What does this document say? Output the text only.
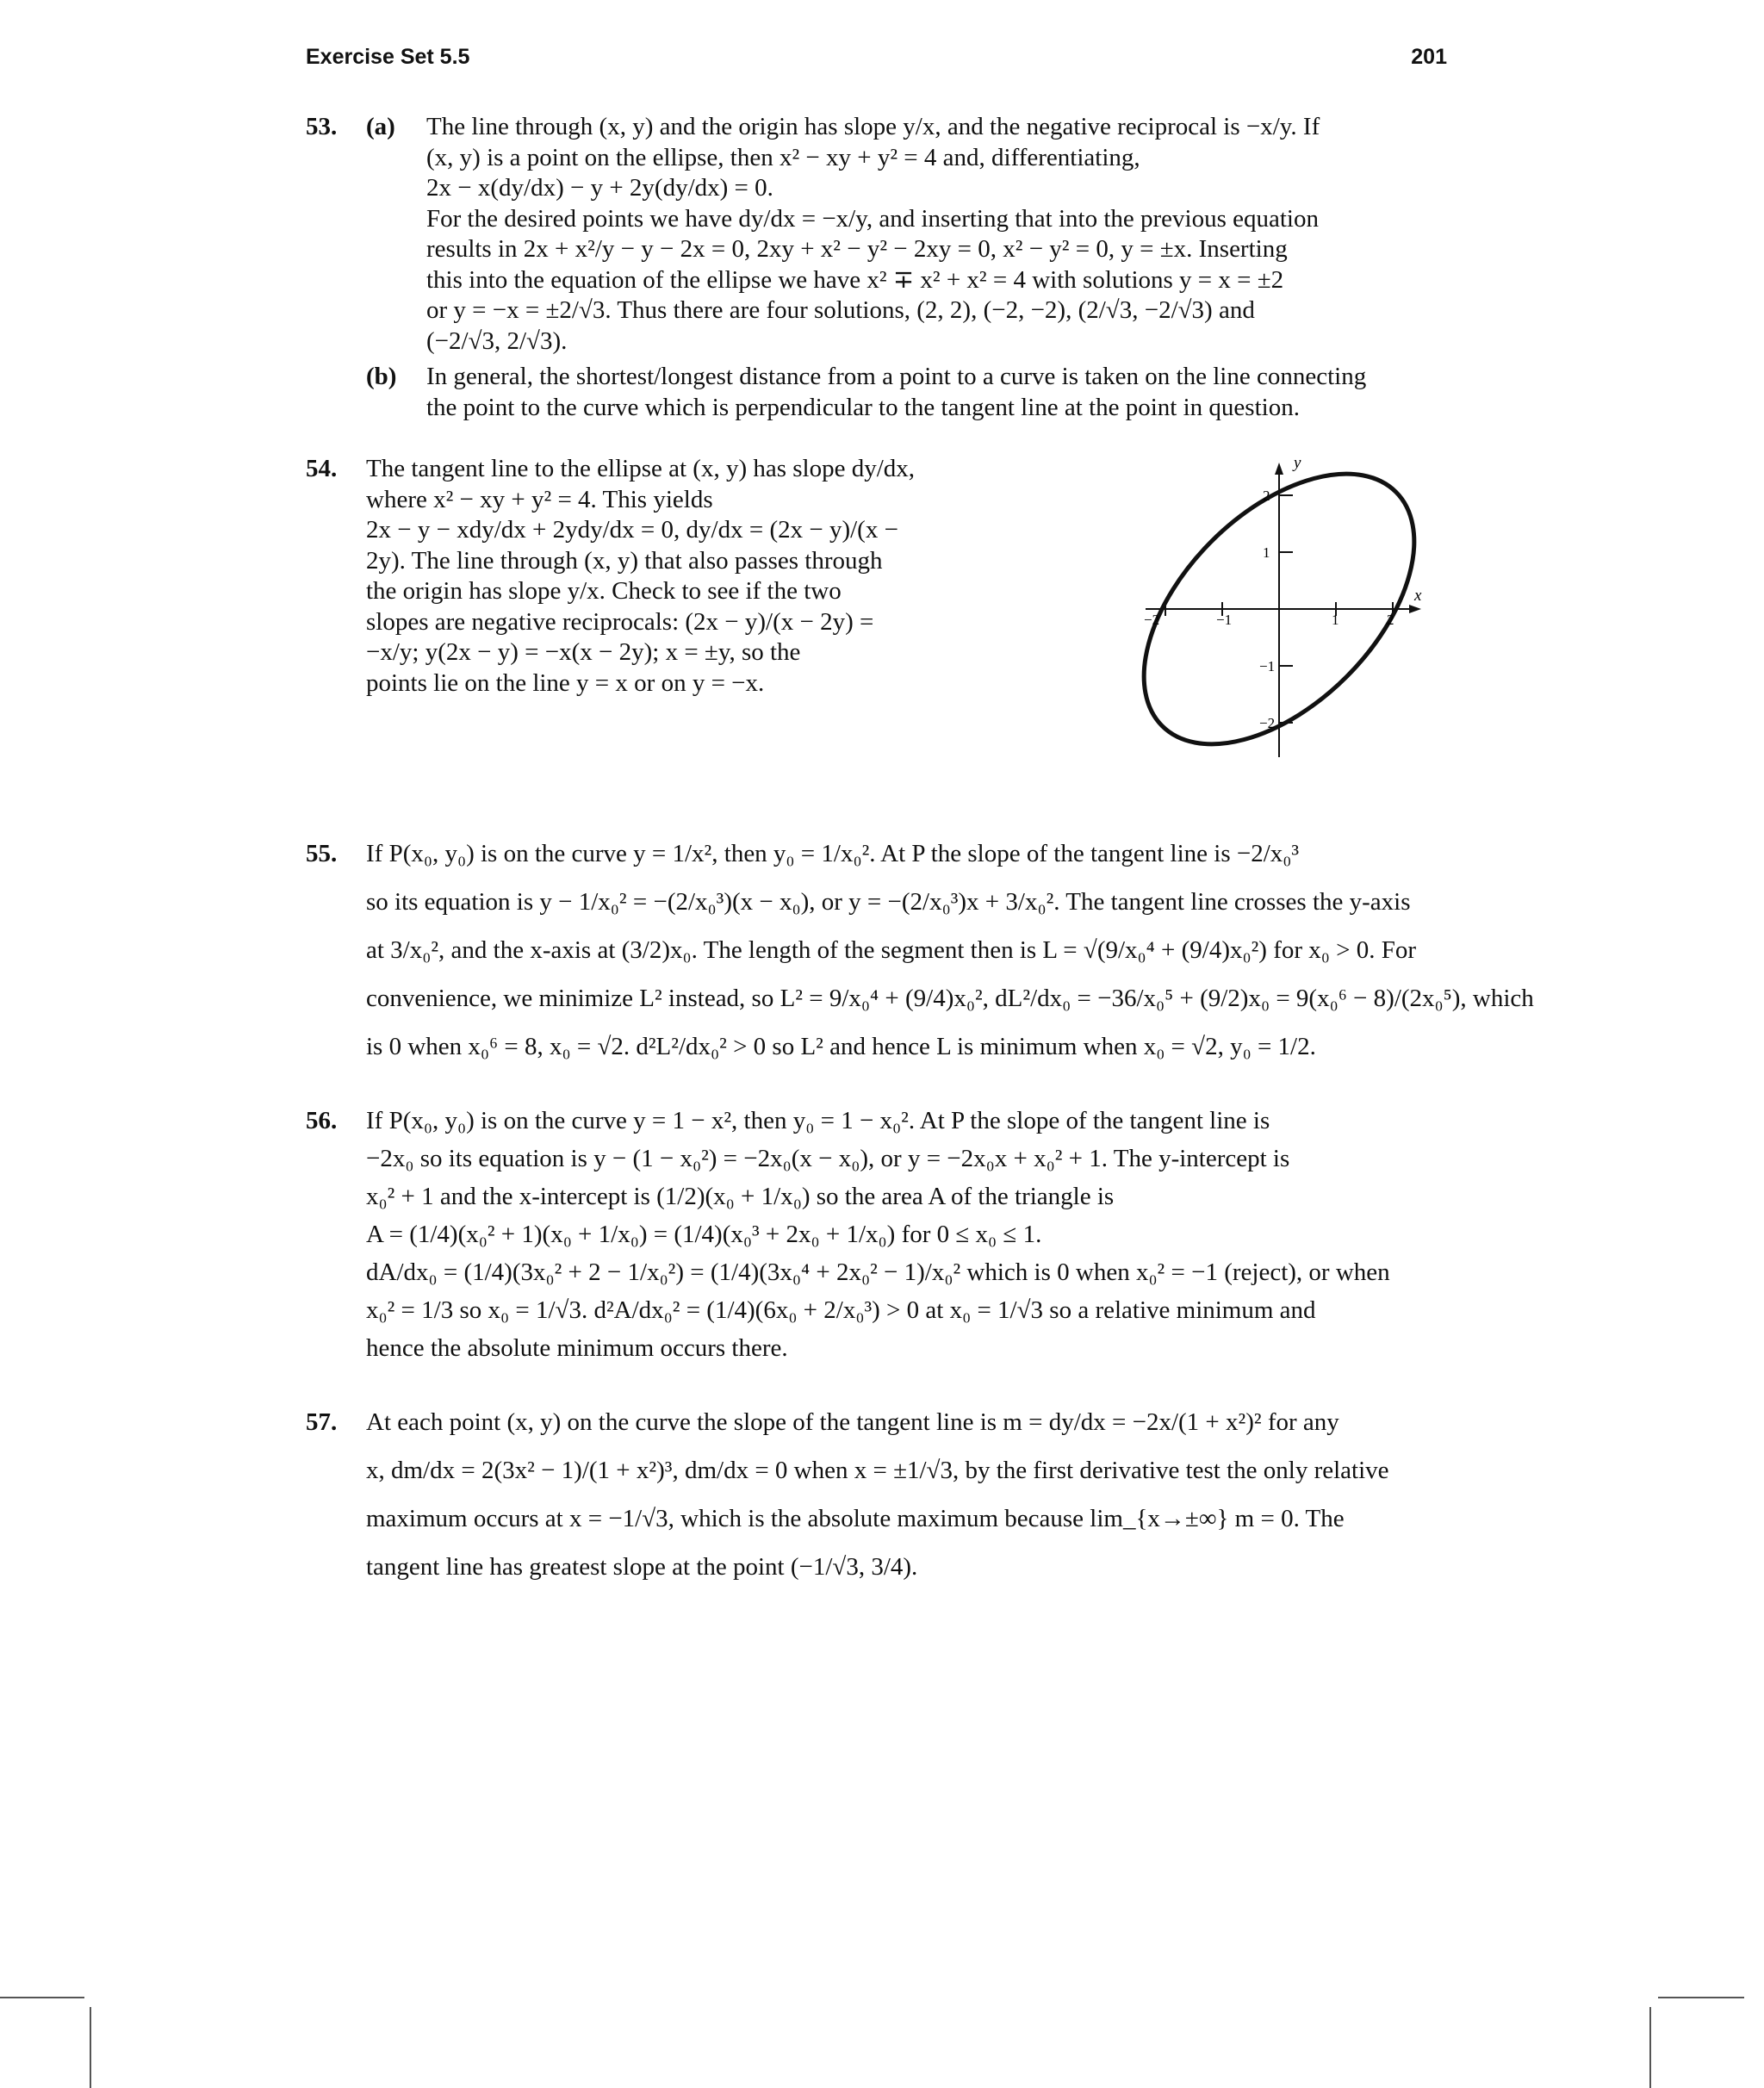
Exercise Set 5.5	201
53. (a) The line through (x, y) and the origin has slope y/x, and the negative reciprocal is −x/y. If
(x, y) is a point on the ellipse, then x² − xy + y² = 4 and, differentiating,
2x − x(dy/dx) − y + 2y(dy/dx) = 0.
For the desired points we have dy/dx = −x/y, and inserting that into the previous equation
results in 2x + x²/y − y − 2x = 0, 2xy + x² − y² − 2xy = 0, x² − y² = 0, y = ±x. Inserting
this into the equation of the ellipse we have x² ∓ x² + x² = 4 with solutions y = x = ±2
or y = −x = ±2/√3. Thus there are four solutions, (2, 2), (−2, −2), (2/√3, −2/√3) and
(−2/√3, 2/√3).
(b) In general, the shortest/longest distance from a point to a curve is taken on the line connecting
the point to the curve which is perpendicular to the tangent line at the point in question.
54. The tangent line to the ellipse at (x, y) has slope dy/dx,
where x² − xy + y² = 4. This yields
2x − y − xdy/dx + 2ydy/dx = 0, dy/dx = (2x − y)/(x −
2y). The line through (x, y) that also passes through
the origin has slope y/x. Check to see if the two
slopes are negative reciprocals: (2x − y)/(x − 2y) =
−x/y; y(2x − y) = −x(x − 2y); x = ±y, so the
points lie on the line y = x or on y = −x.
y
x
−2	−1	1	2
2
1
−1
−2
55. If P(x₀, y₀) is on the curve y = 1/x², then y₀ = 1/x₀². At P the slope of the tangent line is −2/x₀³
so its equation is y − 1/x₀² = −(2/x₀³)(x − x₀), or y = −(2/x₀³)x + 3/x₀². The tangent line crosses the y-axis
at 3/x₀², and the x-axis at (3/2)x₀. The length of the segment then is L = √(9/x₀⁴ + (9/4)x₀²) for x₀ > 0. For
convenience, we minimize L² instead, so L² = 9/x₀⁴ + (9/4)x₀², dL²/dx₀ = −36/x₀⁵ + (9/2)x₀ = 9(x₀⁶ − 8)/(2x₀⁵), which
is 0 when x₀⁶ = 8, x₀ = √2. d²L²/dx₀² > 0 so L² and hence L is minimum when x₀ = √2, y₀ = 1/2.
56. If P(x₀, y₀) is on the curve y = 1 − x², then y₀ = 1 − x₀². At P the slope of the tangent line is
−2x₀ so its equation is y − (1 − x₀²) = −2x₀(x − x₀), or y = −2x₀x + x₀² + 1. The y-intercept is
x₀² + 1 and the x-intercept is (1/2)(x₀ + 1/x₀) so the area A of the triangle is
A = (1/4)(x₀² + 1)(x₀ + 1/x₀) = (1/4)(x₀³ + 2x₀ + 1/x₀) for 0 ≤ x₀ ≤ 1.
dA/dx₀ = (1/4)(3x₀² + 2 − 1/x₀²) = (1/4)(3x₀⁴ + 2x₀² − 1)/x₀² which is 0 when x₀² = −1 (reject), or when
x₀² = 1/3 so x₀ = 1/√3. d²A/dx₀² = (1/4)(6x₀ + 2/x₀³) > 0 at x₀ = 1/√3 so a relative minimum and
hence the absolute minimum occurs there.
57. At each point (x, y) on the curve the slope of the tangent line is m = dy/dx = −2x/(1 + x²)² for any
x, dm/dx = 2(3x² − 1)/(1 + x²)³, dm/dx = 0 when x = ±1/√3, by the first derivative test the only relative
maximum occurs at x = −1/√3, which is the absolute maximum because lim_{x→±∞} m = 0. The
tangent line has greatest slope at the point (−1/√3, 3/4).
